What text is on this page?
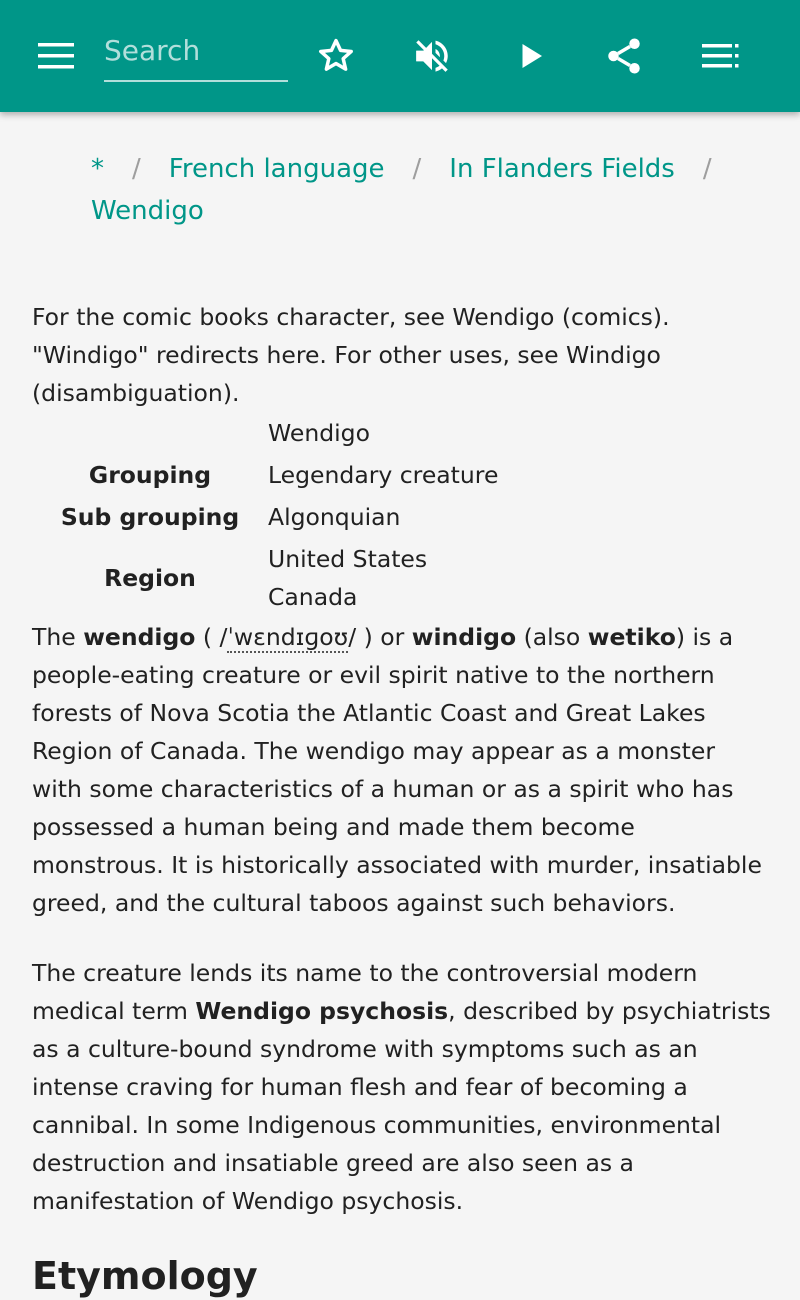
Search
* / French language / In Flanders Fields /
Wendigo

For the comic books character, see Wendigo (comics).

"Windigo" redirects here. For other uses, see Windigo (disambiguation).

	Wendigo
Grouping	Legendary creature
Sub grouping	Algonquian
Region	United States
Canada

The wendigo ( /ˈwɛndɪɡoʊ/ ) or windigo (also wetiko) is a people-eating creature or evil spirit native to the northern forests of Nova Scotia the Atlantic Coast and Great Lakes Region of Canada. The wendigo may appear as a monster with some characteristics of a human or as a spirit who has possessed a human being and made them become monstrous. It is historically associated with murder, insatiable greed, and the cultural taboos against such behaviors.

The creature lends its name to the controversial modern medical term Wendigo psychosis, described by psychiatrists as a culture-bound syndrome with symptoms such as an intense craving for human flesh and fear of becoming a cannibal. In some Indigenous communities, environmental destruction and insatiable greed are also seen as a manifestation of Wendigo psychosis.

Etymology
